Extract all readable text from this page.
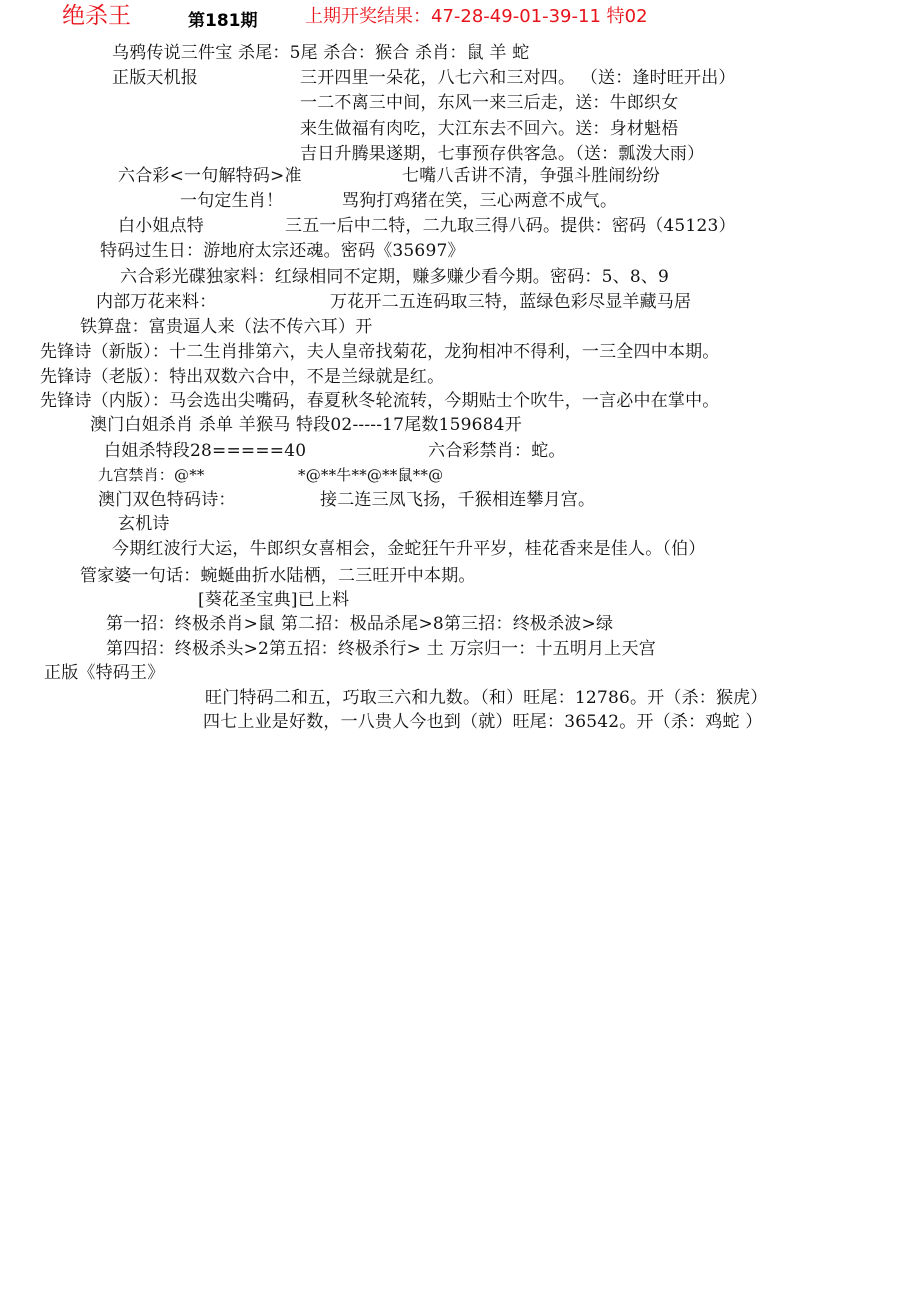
绝杀王	第181期	上期开奖结果：47-28-49-01-39-11 特02
乌鸦传说三件宝 杀尾：5尾 杀合：猴合 杀肖：鼠 羊 蛇
正版天机报	三开四里一朵花，八七六和三对四。 （送：逢时旺开出）
一二不离三中间，东风一来三后走，送：牛郎织女
来生做福有肉吃，大江东去不回六。送：身材魁梧
吉日升腾果遂期，七事预存供客急。（送：瓢泼大雨）
六合彩<一句解特码>准	七嘴八舌讲不清，争强斗胜闹纷纷
一句定生肖！	骂狗打鸡猪在笑，三心两意不成气。
白小姐点特	三五一后中二特，二九取三得八码。提供：密码（45123）
特码过生日：游地府太宗还魂。密码《35697》
六合彩光碟独家料：红绿相同不定期，赚多赚少看今期。密码：5、8、9
内部万花来料：	万花开二五连码取三特，蓝绿色彩尽显羊藏马居
铁算盘：富贵逼人来（法不传六耳）开
先锋诗（新版）：十二生肖排第六，夫人皇帝找菊花，龙狗相冲不得利，一三全四中本期。
先锋诗（老版）：特出双数六合中，不是兰绿就是红。
先锋诗（内版）：马会选出尖嘴码，春夏秋冬轮流转，今期贴士个吹牛，一言必中在掌中。
澳门白姐杀肖 杀单 羊猴马 特段02-----17尾数159684开
白姐杀特段28=====40	六合彩禁肖：蛇。
九宫禁肖：@**	*@**牛**@**鼠**@
澳门双色特码诗：	接二连三凤飞扬，千猴相连攀月宫。
玄机诗
今期红波行大运，牛郎织女喜相会，金蛇狂午升平岁，桂花香来是佳人。（伯）
管家婆一句话：蜿蜒曲折水陆栖，二三旺开中本期。
[葵花圣宝典]已上料
第一招：终极杀肖>鼠 第二招：极品杀尾>8第三招：终极杀波>绿
第四招：终极杀头>2第五招：终极杀行> 土 万宗归一：十五明月上天宫
正版《特码王》
旺门特码二和五，巧取三六和九数。（和）旺尾：12786。开（杀：猴虎）
四七上业是好数，一八贵人今也到（就）旺尾：36542。开（杀：鸡蛇 ）
